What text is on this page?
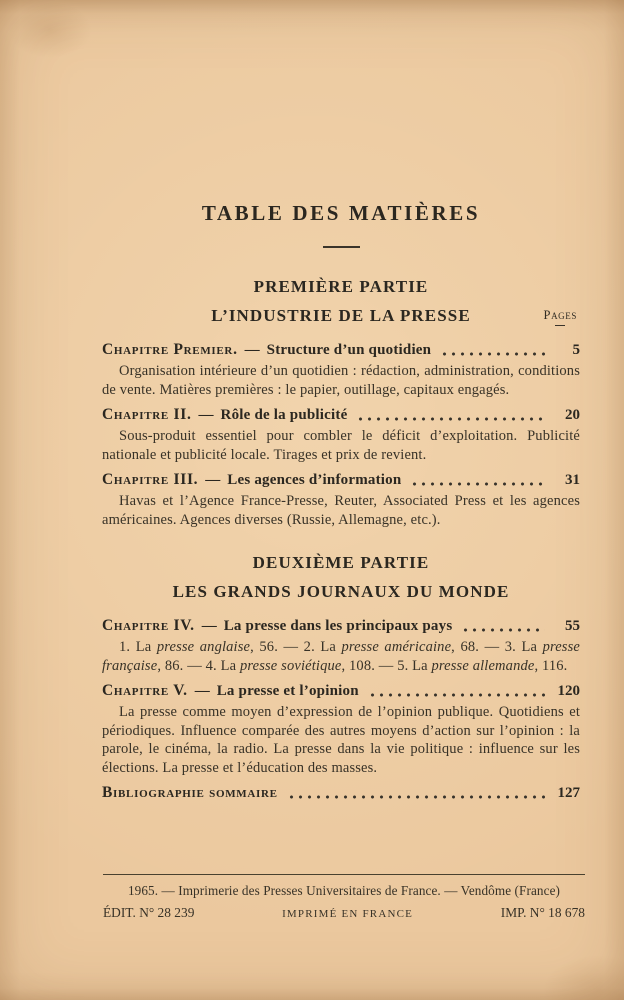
TABLE DES MATIÈRES
Pages
PREMIÈRE PARTIE
L’INDUSTRIE DE LA PRESSE
Chapitre Premier. — Structure d’un quotidien	5
Organisation intérieure d’un quotidien : rédaction, administration, conditions de vente. Matières premières : le papier, outillage, capitaux engagés.
Chapitre II. — Rôle de la publicité	20
Sous-produit essentiel pour combler le déficit d’exploitation. Publicité nationale et publicité locale. Tirages et prix de revient.
Chapitre III. — Les agences d’information	31
Havas et l’Agence France-Presse, Reuter, Associated Press et les agences américaines. Agences diverses (Russie, Allemagne, etc.).
DEUXIÈME PARTIE
LES GRANDS JOURNAUX DU MONDE
Chapitre IV. — La presse dans les principaux pays	55
1. La presse anglaise, 56. — 2. La presse américaine, 68. — 3. La presse française, 86. — 4. La presse soviétique, 108. — 5. La presse allemande, 116.
Chapitre V. — La presse et l’opinion	120
La presse comme moyen d’expression de l’opinion publique. Quotidiens et périodiques. Influence comparée des autres moyens d’action sur l’opinion : la parole, le cinéma, la radio. La presse dans la vie politique : influence sur les élections. La presse et l’éducation des masses.
Bibliographie sommaire	127
1965. — Imprimerie des Presses Universitaires de France. — Vendôme (France)
ÉDIT. N° 28 239	IMPRIMÉ EN FRANCE	IMP. N° 18 678
